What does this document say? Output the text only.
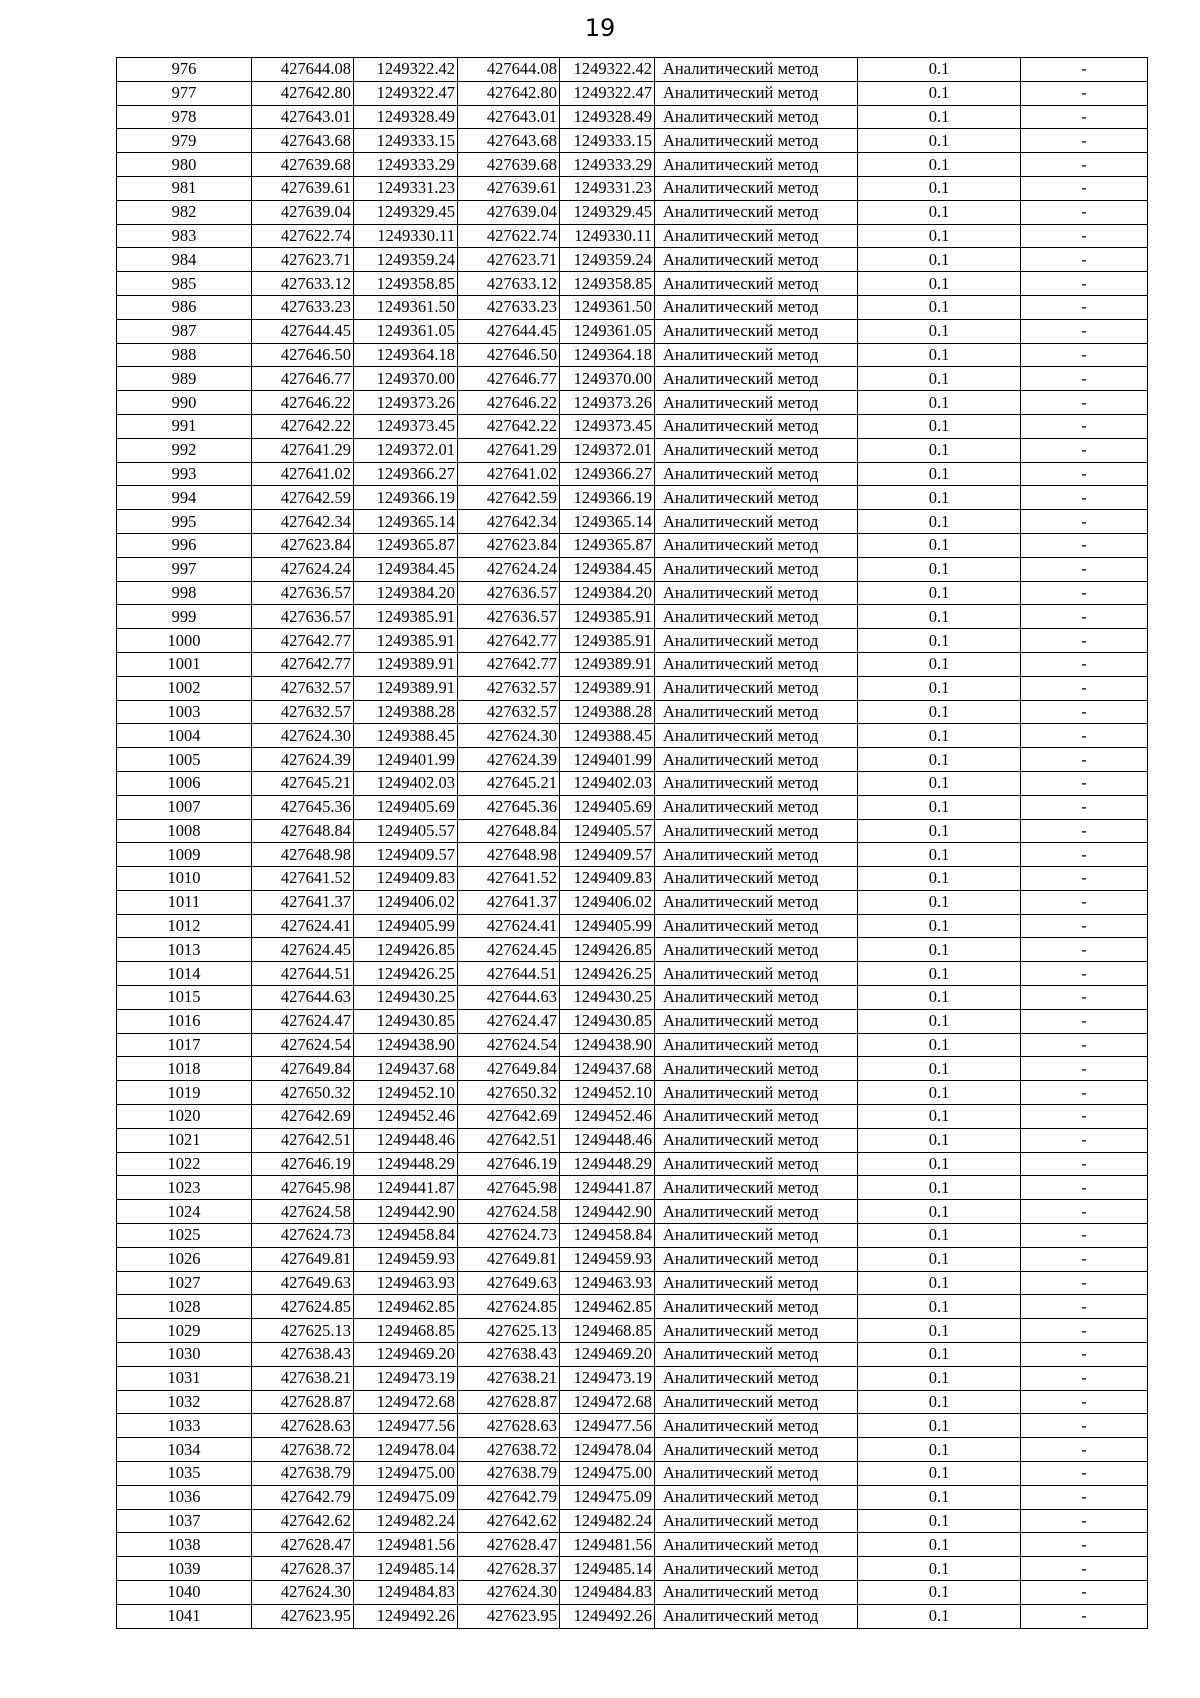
19
976	427644.08	1249322.42	427644.08	1249322.42	Аналитический метод	0.1	-
977	427642.80	1249322.47	427642.80	1249322.47	Аналитический метод	0.1	-
978	427643.01	1249328.49	427643.01	1249328.49	Аналитический метод	0.1	-
979	427643.68	1249333.15	427643.68	1249333.15	Аналитический метод	0.1	-
980	427639.68	1249333.29	427639.68	1249333.29	Аналитический метод	0.1	-
981	427639.61	1249331.23	427639.61	1249331.23	Аналитический метод	0.1	-
982	427639.04	1249329.45	427639.04	1249329.45	Аналитический метод	0.1	-
983	427622.74	1249330.11	427622.74	1249330.11	Аналитический метод	0.1	-
984	427623.71	1249359.24	427623.71	1249359.24	Аналитический метод	0.1	-
985	427633.12	1249358.85	427633.12	1249358.85	Аналитический метод	0.1	-
986	427633.23	1249361.50	427633.23	1249361.50	Аналитический метод	0.1	-
987	427644.45	1249361.05	427644.45	1249361.05	Аналитический метод	0.1	-
988	427646.50	1249364.18	427646.50	1249364.18	Аналитический метод	0.1	-
989	427646.77	1249370.00	427646.77	1249370.00	Аналитический метод	0.1	-
990	427646.22	1249373.26	427646.22	1249373.26	Аналитический метод	0.1	-
991	427642.22	1249373.45	427642.22	1249373.45	Аналитический метод	0.1	-
992	427641.29	1249372.01	427641.29	1249372.01	Аналитический метод	0.1	-
993	427641.02	1249366.27	427641.02	1249366.27	Аналитический метод	0.1	-
994	427642.59	1249366.19	427642.59	1249366.19	Аналитический метод	0.1	-
995	427642.34	1249365.14	427642.34	1249365.14	Аналитический метод	0.1	-
996	427623.84	1249365.87	427623.84	1249365.87	Аналитический метод	0.1	-
997	427624.24	1249384.45	427624.24	1249384.45	Аналитический метод	0.1	-
998	427636.57	1249384.20	427636.57	1249384.20	Аналитический метод	0.1	-
999	427636.57	1249385.91	427636.57	1249385.91	Аналитический метод	0.1	-
1000	427642.77	1249385.91	427642.77	1249385.91	Аналитический метод	0.1	-
1001	427642.77	1249389.91	427642.77	1249389.91	Аналитический метод	0.1	-
1002	427632.57	1249389.91	427632.57	1249389.91	Аналитический метод	0.1	-
1003	427632.57	1249388.28	427632.57	1249388.28	Аналитический метод	0.1	-
1004	427624.30	1249388.45	427624.30	1249388.45	Аналитический метод	0.1	-
1005	427624.39	1249401.99	427624.39	1249401.99	Аналитический метод	0.1	-
1006	427645.21	1249402.03	427645.21	1249402.03	Аналитический метод	0.1	-
1007	427645.36	1249405.69	427645.36	1249405.69	Аналитический метод	0.1	-
1008	427648.84	1249405.57	427648.84	1249405.57	Аналитический метод	0.1	-
1009	427648.98	1249409.57	427648.98	1249409.57	Аналитический метод	0.1	-
1010	427641.52	1249409.83	427641.52	1249409.83	Аналитический метод	0.1	-
1011	427641.37	1249406.02	427641.37	1249406.02	Аналитический метод	0.1	-
1012	427624.41	1249405.99	427624.41	1249405.99	Аналитический метод	0.1	-
1013	427624.45	1249426.85	427624.45	1249426.85	Аналитический метод	0.1	-
1014	427644.51	1249426.25	427644.51	1249426.25	Аналитический метод	0.1	-
1015	427644.63	1249430.25	427644.63	1249430.25	Аналитический метод	0.1	-
1016	427624.47	1249430.85	427624.47	1249430.85	Аналитический метод	0.1	-
1017	427624.54	1249438.90	427624.54	1249438.90	Аналитический метод	0.1	-
1018	427649.84	1249437.68	427649.84	1249437.68	Аналитический метод	0.1	-
1019	427650.32	1249452.10	427650.32	1249452.10	Аналитический метод	0.1	-
1020	427642.69	1249452.46	427642.69	1249452.46	Аналитический метод	0.1	-
1021	427642.51	1249448.46	427642.51	1249448.46	Аналитический метод	0.1	-
1022	427646.19	1249448.29	427646.19	1249448.29	Аналитический метод	0.1	-
1023	427645.98	1249441.87	427645.98	1249441.87	Аналитический метод	0.1	-
1024	427624.58	1249442.90	427624.58	1249442.90	Аналитический метод	0.1	-
1025	427624.73	1249458.84	427624.73	1249458.84	Аналитический метод	0.1	-
1026	427649.81	1249459.93	427649.81	1249459.93	Аналитический метод	0.1	-
1027	427649.63	1249463.93	427649.63	1249463.93	Аналитический метод	0.1	-
1028	427624.85	1249462.85	427624.85	1249462.85	Аналитический метод	0.1	-
1029	427625.13	1249468.85	427625.13	1249468.85	Аналитический метод	0.1	-
1030	427638.43	1249469.20	427638.43	1249469.20	Аналитический метод	0.1	-
1031	427638.21	1249473.19	427638.21	1249473.19	Аналитический метод	0.1	-
1032	427628.87	1249472.68	427628.87	1249472.68	Аналитический метод	0.1	-
1033	427628.63	1249477.56	427628.63	1249477.56	Аналитический метод	0.1	-
1034	427638.72	1249478.04	427638.72	1249478.04	Аналитический метод	0.1	-
1035	427638.79	1249475.00	427638.79	1249475.00	Аналитический метод	0.1	-
1036	427642.79	1249475.09	427642.79	1249475.09	Аналитический метод	0.1	-
1037	427642.62	1249482.24	427642.62	1249482.24	Аналитический метод	0.1	-
1038	427628.47	1249481.56	427628.47	1249481.56	Аналитический метод	0.1	-
1039	427628.37	1249485.14	427628.37	1249485.14	Аналитический метод	0.1	-
1040	427624.30	1249484.83	427624.30	1249484.83	Аналитический метод	0.1	-
1041	427623.95	1249492.26	427623.95	1249492.26	Аналитический метод	0.1	-
